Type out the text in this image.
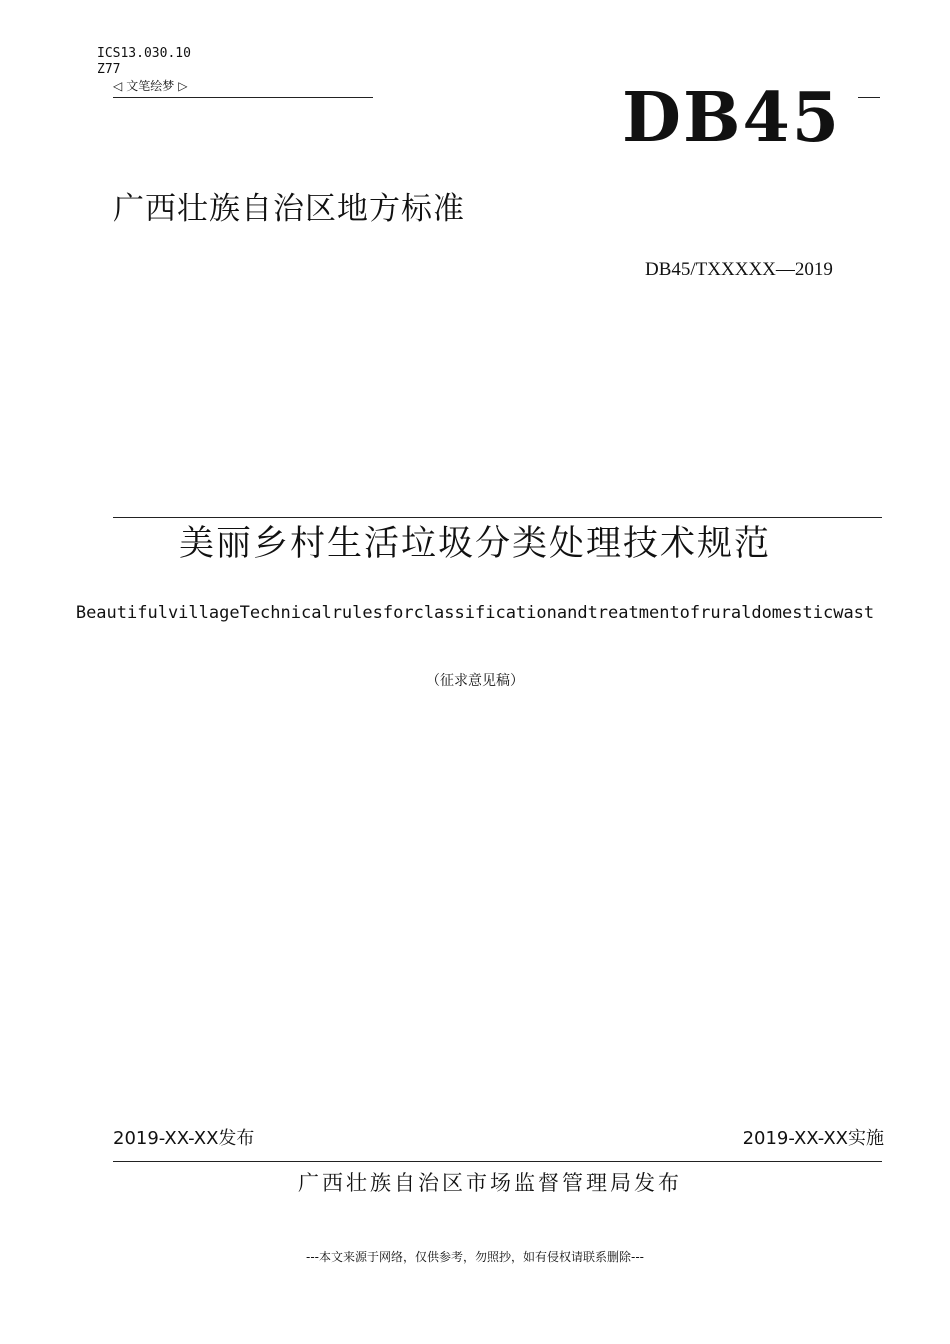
ICS13.030.10
Z77
◁ 文笔绘梦 ▷	DB45
广西壮族自治区地方标准
DB45/TXXXXX—2019
美丽乡村生活垃圾分类处理技术规范
BeautifulvillageTechnicalrulesforclassificationandtreatmentofruraldomesticwast
（征求意见稿）
2019-XX-XX发布	2019-XX-XX实施
广西壮族自治区市场监督管理局发布
---本文来源于网络，仅供参考，勿照抄，如有侵权请联系删除---
